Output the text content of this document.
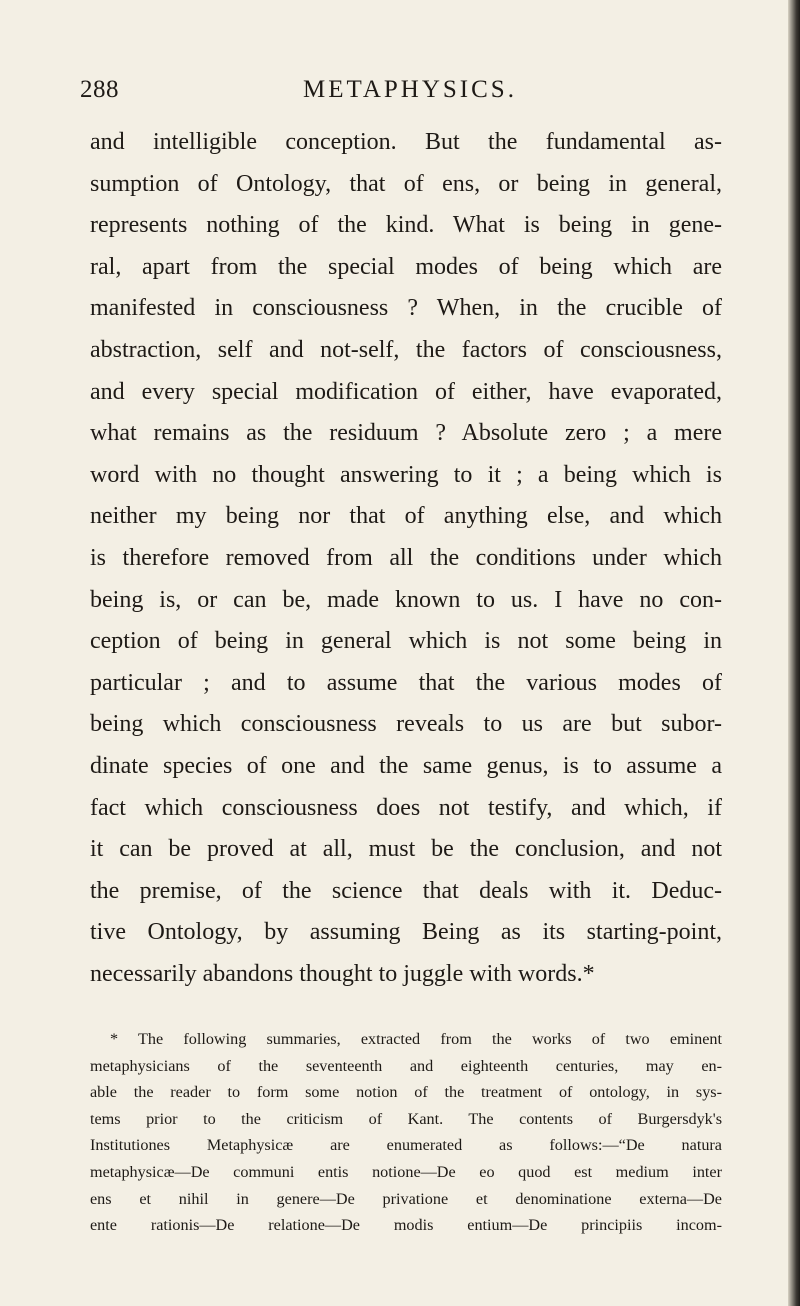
288	METAPHYSICS.
and intelligible conception. But the fundamental as-
sumption of Ontology, that of ens, or being in general,
represents nothing of the kind. What is being in gene-
ral, apart from the special modes of being which are
manifested in consciousness ? When, in the crucible of
abstraction, self and not-self, the factors of consciousness,
and every special modification of either, have evaporated,
what remains as the residuum ? Absolute zero ; a mere
word with no thought answering to it ; a being which is
neither my being nor that of anything else, and which
is therefore removed from all the conditions under which
being is, or can be, made known to us. I have no con-
ception of being in general which is not some being in
particular ; and to assume that the various modes of
being which consciousness reveals to us are but subor-
dinate species of one and the same genus, is to assume a
fact which consciousness does not testify, and which, if
it can be proved at all, must be the conclusion, and not
the premise, of the science that deals with it. Deduc-
tive Ontology, by assuming Being as its starting-point,
necessarily abandons thought to juggle with words.*
* The following summaries, extracted from the works of two eminent
metaphysicians of the seventeenth and eighteenth centuries, may en-
able the reader to form some notion of the treatment of ontology, in sys-
tems prior to the criticism of Kant. The contents of Burgersdyk's
Institutiones Metaphysicæ are enumerated as follows:—“De natura
metaphysicæ—De communi entis notione—De eo quod est medium inter
ens et nihil in genere—De privatione et denominatione externa—De
ente rationis—De relatione—De modis entium—De principiis incom-
